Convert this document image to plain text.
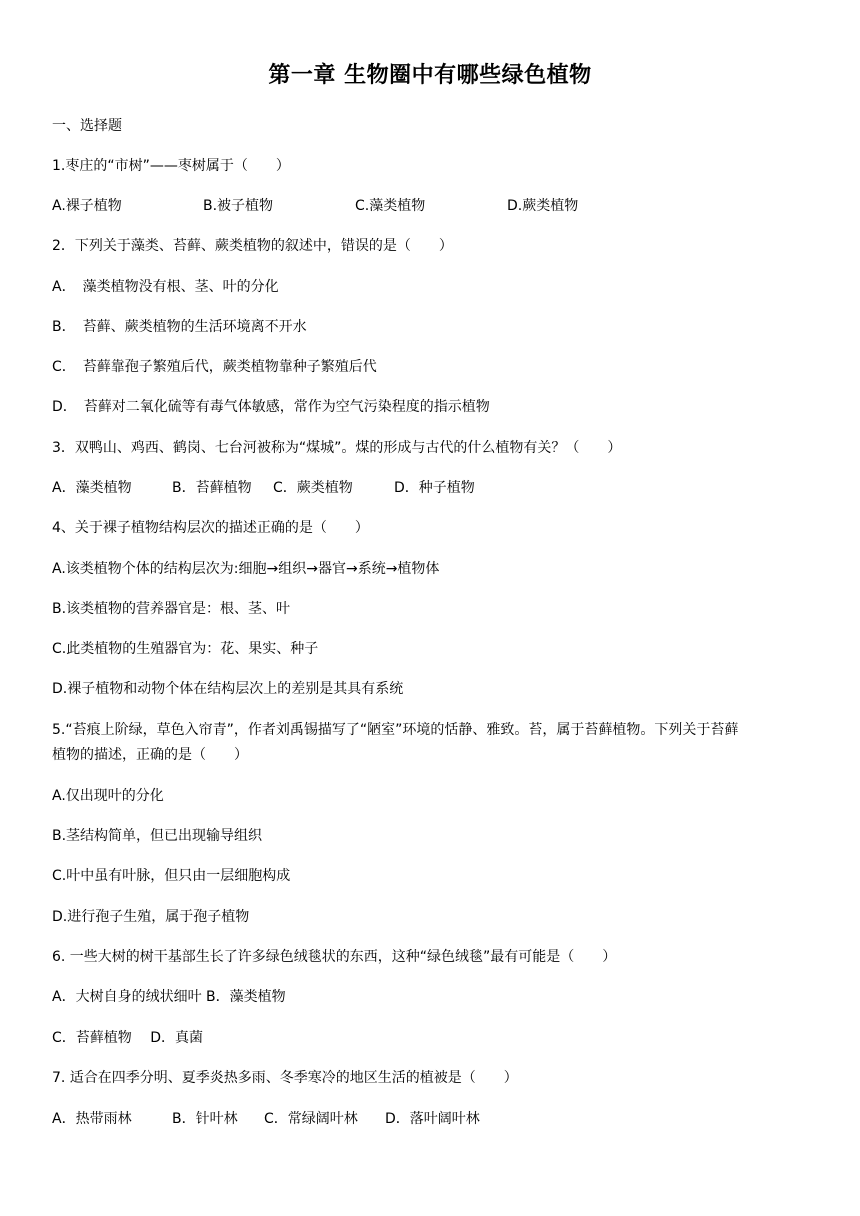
第一章 生物圈中有哪些绿色植物
一、选择题
1.枣庄的“市树”——枣树属于（　　）
A.裸子植物	B.被子植物	C.藻类植物	D.蕨类植物
2．下列关于藻类、苔藓、蕨类植物的叙述中，错误的是（　　）
A．　藻类植物没有根、茎、叶的分化
B．　苔藓、蕨类植物的生活环境离不开水
C．　苔藓靠孢子繁殖后代，蕨类植物靠种子繁殖后代
D．　苔藓对二氧化硫等有毒气体敏感，常作为空气污染程度的指示植物
3．双鸭山、鸡西、鹤岗、七台河被称为“煤城”。煤的形成与古代的什么植物有关？（　　）
A．藻类植物	B．苔藓植物 C．蕨类植物	D．种子植物
4、关于裸子植物结构层次的描述正确的是（　　）
A.该类植物个体的结构层次为:细胞→组织→器官→系统→植物体
B.该类植物的营养器官是：根、茎、叶
C.此类植物的生殖器官为：花、果实、种子
D.裸子植物和动物个体在结构层次上的差别是其具有系统
5.“苔痕上阶绿，草色入帘青”，作者刘禹锡描写了“陋室”环境的恬静、雅致。苔，属于苔藓植物。下列关于苔藓
植物的描述，正确的是（　　）
A.仅出现叶的分化
B.茎结构简单，但已出现输导组织
C.叶中虽有叶脉，但只由一层细胞构成
D.进行孢子生殖，属于孢子植物
6. 一些大树的树干基部生长了许多绿色绒毯状的东西，这种“绿色绒毯”最有可能是（　　）
A．大树自身的绒状细叶 B．藻类植物
C．苔藓植物　 D．真菌
7. 适合在四季分明、夏季炎热多雨、冬季寒冷的地区生活的植被是（　　）
A．热带雨林	B．针叶林 C．常绿阔叶林 D．落叶阔叶林
